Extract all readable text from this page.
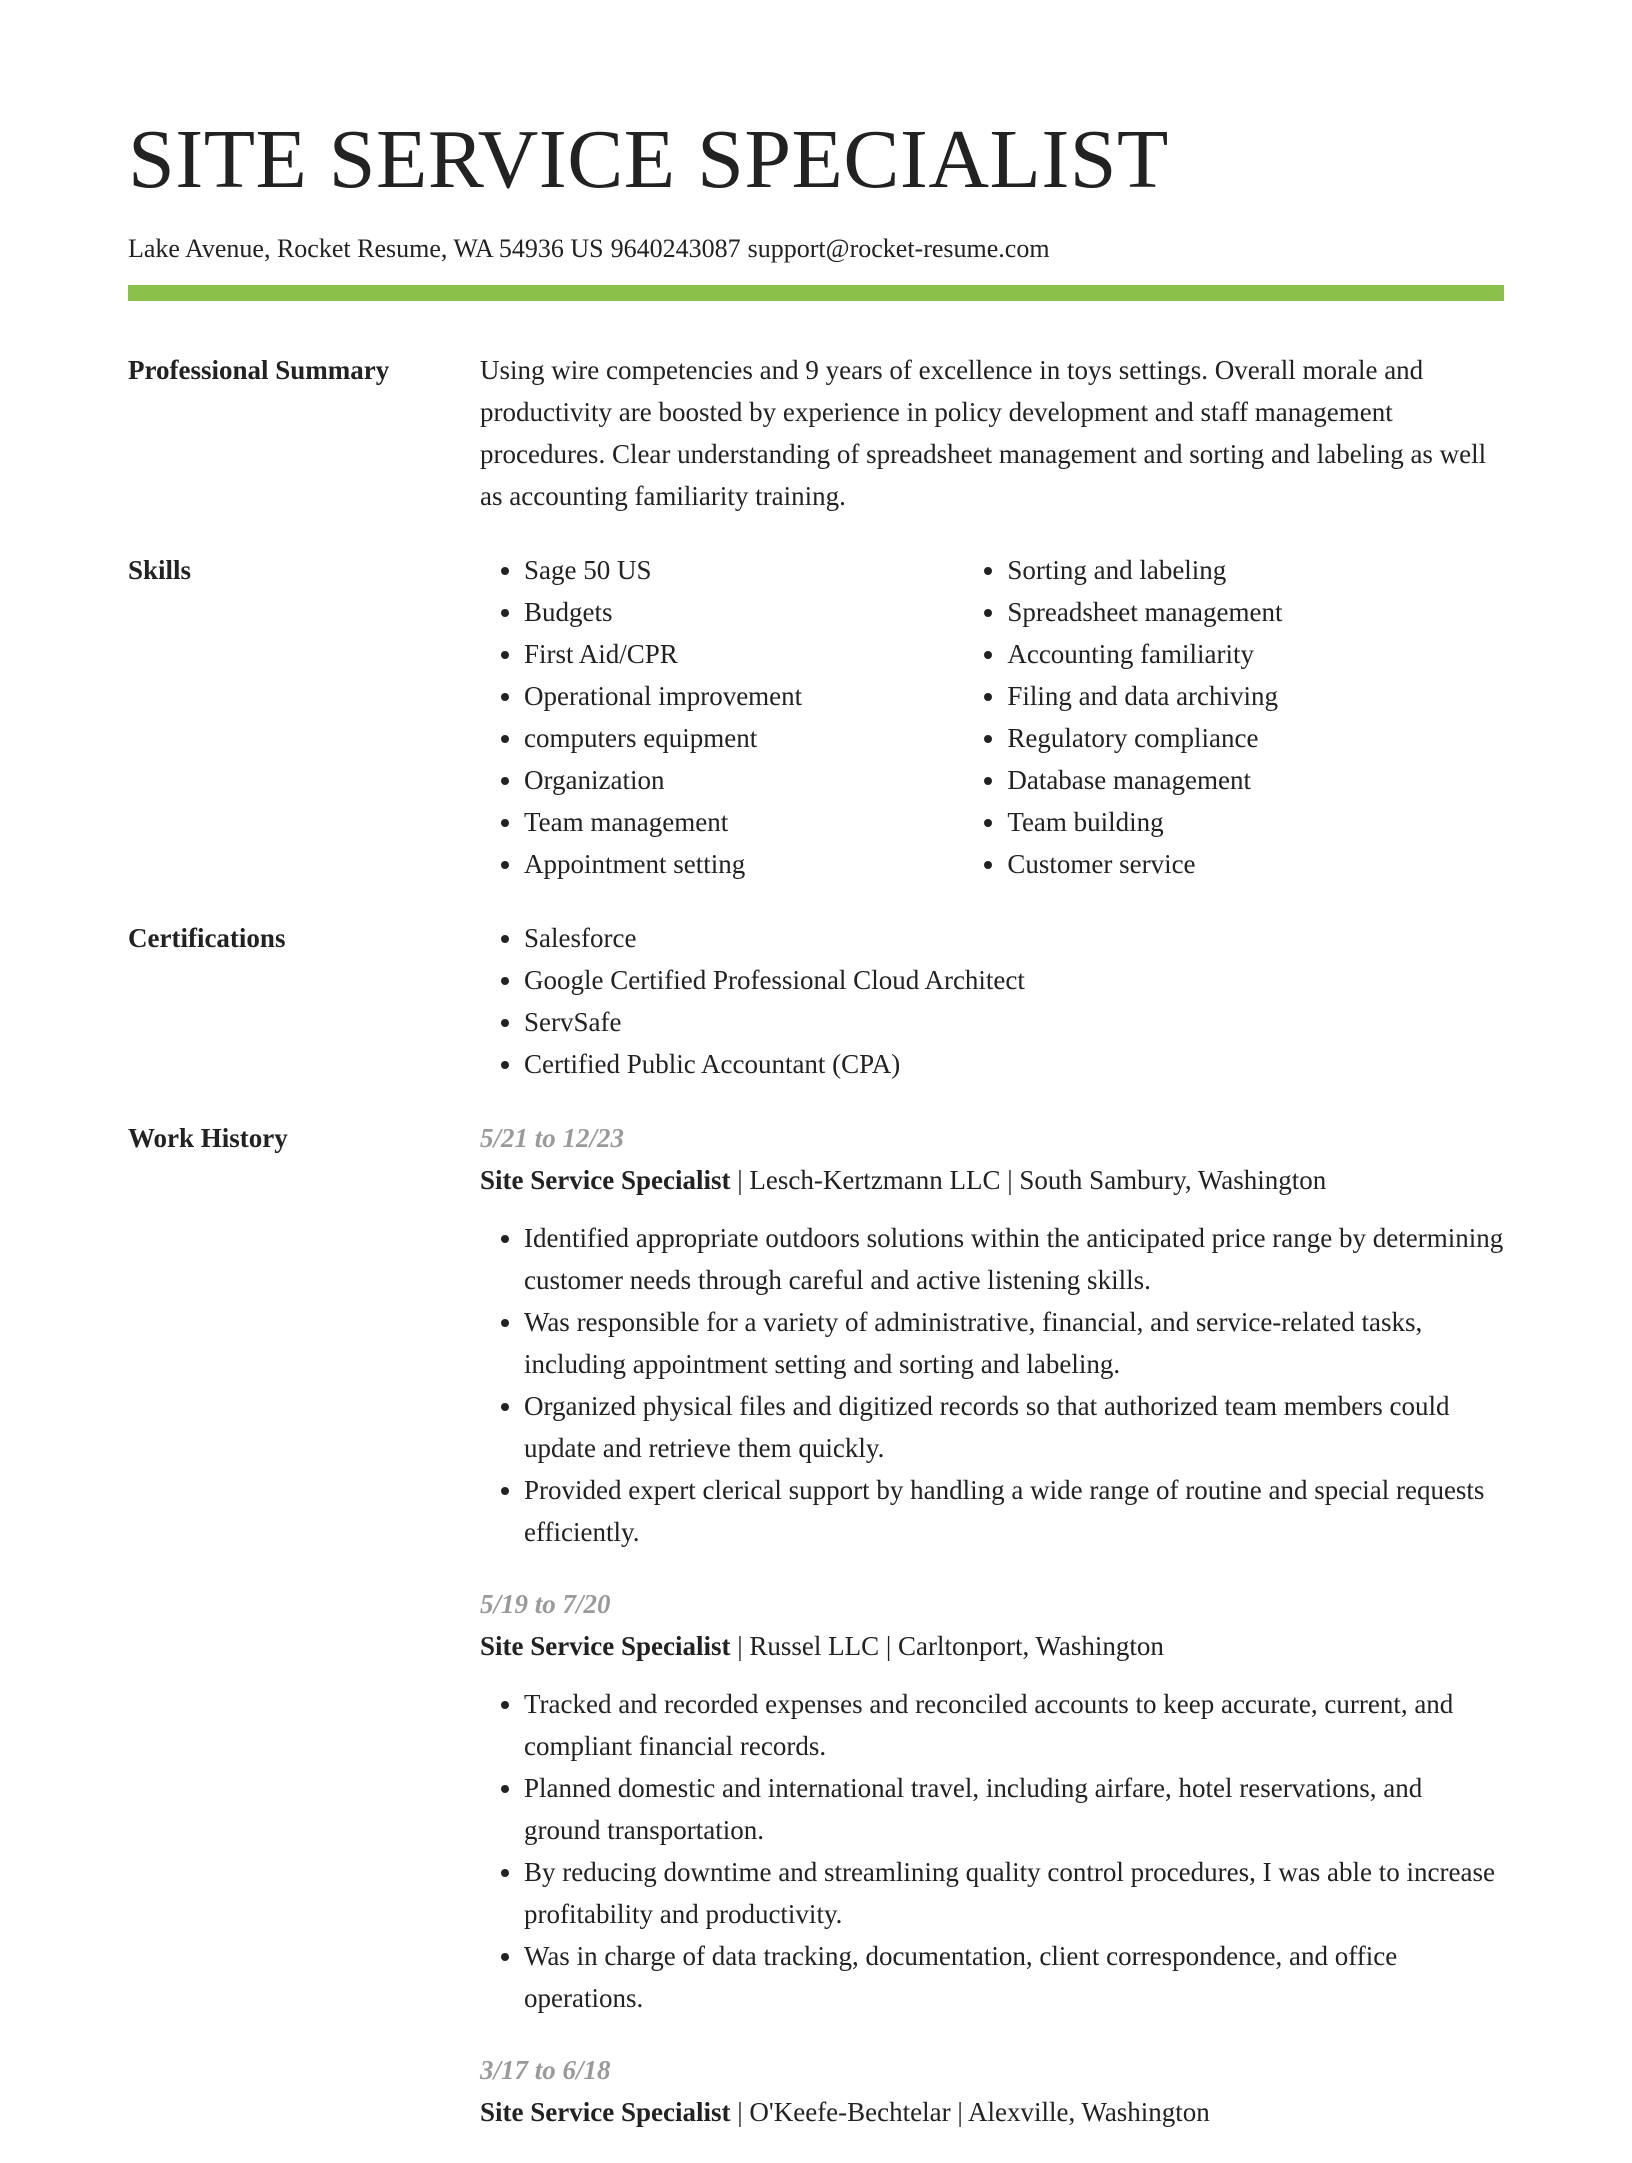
SITE SERVICE SPECIALIST
Lake Avenue, Rocket Resume, WA 54936 US 9640243087 support@rocket-resume.com
Professional Summary	Using wire competencies and 9 years of excellence in toys settings. Overall morale and productivity are boosted by experience in policy development and staff management procedures. Clear understanding of spreadsheet management and sorting and labeling as well as accounting familiarity training.

Skills	• Sage 50 US
• Budgets
• First Aid/CPR
• Operational improvement
• computers equipment
• Organization
• Team management
• Appointment setting
• Sorting and labeling
• Spreadsheet management
• Accounting familiarity
• Filing and data archiving
• Regulatory compliance
• Database management
• Team building
• Customer service
Certifications	• Salesforce
• Google Certified Professional Cloud Architect
• ServSafe
• Certified Public Accountant (CPA)
Work History	5/21 to 12/23
Site Service Specialist | Lesch-Kertzmann LLC | South Sambury, Washington
• Identified appropriate outdoors solutions within the anticipated price range by determining customer needs through careful and active listening skills.
• Was responsible for a variety of administrative, financial, and service-related tasks, including appointment setting and sorting and labeling.
• Organized physical files and digitized records so that authorized team members could update and retrieve them quickly.
• Provided expert clerical support by handling a wide range of routine and special requests efficiently.
5/19 to 7/20
Site Service Specialist | Russel LLC | Carltonport, Washington
• Tracked and recorded expenses and reconciled accounts to keep accurate, current, and compliant financial records.
• Planned domestic and international travel, including airfare, hotel reservations, and ground transportation.
• By reducing downtime and streamlining quality control procedures, I was able to increase profitability and productivity.
• Was in charge of data tracking, documentation, client correspondence, and office operations.
3/17 to 6/18
Site Service Specialist | O'Keefe-Bechtelar | Alexville, Washington
